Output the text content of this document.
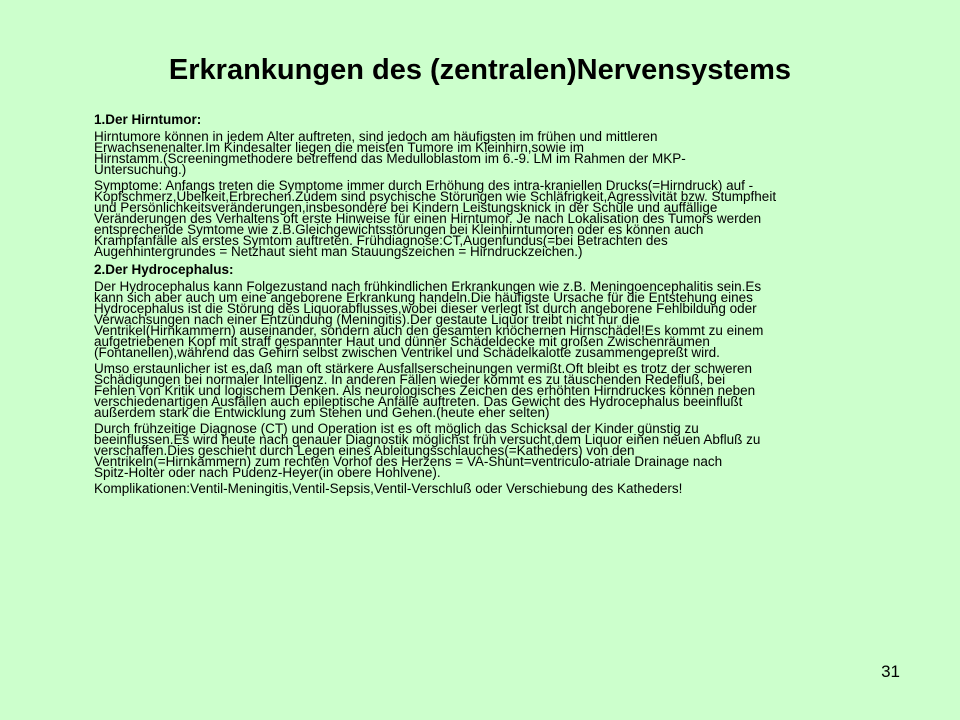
Erkrankungen des (zentralen)Nervensystems
1.Der Hirntumor:
Hirntumore können in jedem Alter auftreten, sind jedoch am häufigsten im frühen und mittleren
Erwachsenenalter.Im Kindesalter liegen die meisten Tumore im Kleinhirn,sowie im
Hirnstamm.(Screeningmethodere betreffend das Medulloblastom im 6.-9. LM im Rahmen der MKP-
Untersuchung.)
Symptome: Anfangs treten die Symptome immer durch Erhöhung des intra-kraniellen Drucks(=Hirndruck) auf -
Kopfschmerz,Übelkeit,Erbrechen.Zudem sind psychische Störungen wie Schläfrigkeit,Agressivität bzw. Stumpfheit
und Persönlichkeitsveränderungen,insbesondere bei Kindern Leistungsknick in der Schule und auffällige
Veränderungen des Verhaltens oft erste Hinweise für einen Hirntumor. Je nach Lokalisation des Tumors werden
entsprechende Symtome wie z.B.Gleichgewichtsstörungen bei Kleinhirntumoren oder es können auch
Krampfanfälle als erstes Symtom auftreten. Frühdiagnose:CT,Augenfundus(=bei Betrachten des
Augenhintergrundes = Netzhaut sieht man Stauungszeichen = Hirndruckzeichen.)
2.Der Hydrocephalus:
Der Hydrocephalus kann Folgezustand nach frühkindlichen Erkrankungen wie z.B. Meningoencephalitis sein.Es
kann sich aber auch um eine angeborene Erkrankung handeln.Die häufigste Ursache für die Entstehung eines
Hydrocephalus ist die Störung des Liquorabflusses,wobei dieser verlegt ist durch angeborene Fehlbildung oder
Verwachsungen nach einer Entzündung (Meningitis).Der gestaute Liquor treibt nicht nur die
Ventrikel(Hirnkammern) auseinander, sondern auch den gesamten knöchernen Hirnschädel!Es kommt zu einem
aufgetriebenen Kopf mit straff gespannter Haut und dünner Schädeldecke mit großen Zwischenräumen
(Fontanellen),während das Gehirn selbst zwischen Ventrikel und Schädelkalotte zusammengepreßt wird.
Umso erstaunlicher ist es,daß man oft stärkere Ausfallserscheinungen vermißt.Oft bleibt es trotz der schweren
Schädigungen bei normaler Intelligenz. In anderen Fällen wieder kommt es zu täuschenden Redefluß, bei
Fehlen von Kritik und logischem Denken. Als neurologisches Zeichen des erhöhten Hirndruckes können neben
verschiedenartigen Ausfällen auch epileptische Anfälle auftreten. Das Gewicht des Hydrocephalus beeinflußt
außerdem stark die Entwicklung zum Stehen und Gehen.(heute eher selten)
Durch frühzeitige Diagnose (CT) und Operation ist es oft möglich das Schicksal der Kinder günstig zu
beeinflussen.Es wird heute nach genauer Diagnostik möglichst früh versucht,dem Liquor einen neuen Abfluß zu
verschaffen.Dies geschieht durch Legen eines Ableitungsschlauches(=Katheders) von den
Ventrikeln(=Hirnkammern) zum rechten Vorhof des Herzens = VA-Shunt=ventriculo-atriale Drainage nach
Spitz-Holter oder nach Pudenz-Heyer(in obere Hohlvene).
Komplikationen:Ventil-Meningitis,Ventil-Sepsis,Ventil-Verschluß oder Verschiebung des Katheders!
31
